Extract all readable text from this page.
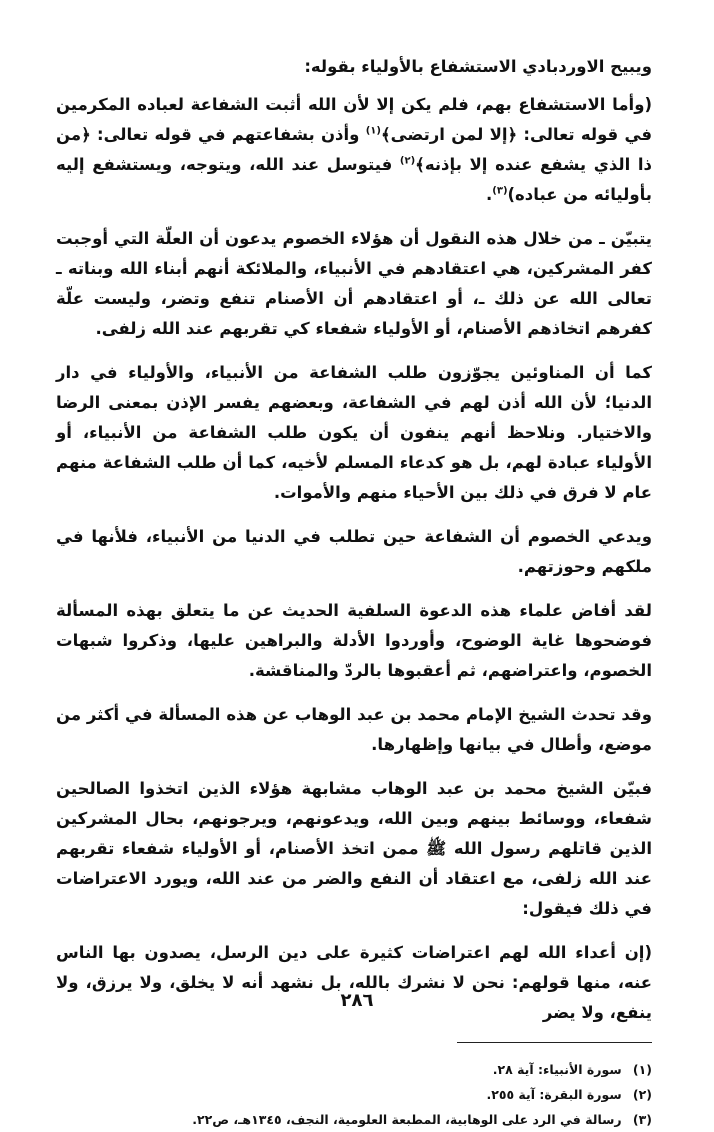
ويبيح الاوردبادي الاستشفاع بالأولياء بقوله:

(وأما الاستشفاع بهم، فلم يكن إلا لأن الله أثبت الشفاعة لعباده المكرمين في قوله تعالى: ﴿إلا لمن ارتضى﴾$^{(١)}$ وأذن بشفاعتهم في قوله تعالى: ﴿من ذا الذي يشفع عنده إلا بإذنه﴾$^{(٢)}$ فيتوسل عند الله، ويتوجه، ويستشفع إليه بأوليائه من عباده)$^{(٣)}$.

يتبيّن ـ من خلال هذه النقول أن هؤلاء الخصوم يدعون أن العلّة التي أوجبت كفر المشركين، هي اعتقادهم في الأنبياء، والملائكة أنهم أبناء الله وبناته ـ تعالى الله عن ذلك ـ، أو اعتقادهم أن الأصنام تنفع وتضر، وليست علّة كفرهم اتخاذهم الأصنام، أو الأولياء شفعاء كي تقربهم عند الله زلفى.

كما أن المناوئين يجوّزون طلب الشفاعة من الأنبياء، والأولياء في دار الدنيا؛ لأن الله أذن لهم في الشفاعة، وبعضهم يفسر الإذن بمعنى الرضا والاختيار. ونلاحظ أنهم ينفون أن يكون طلب الشفاعة من الأنبياء، أو الأولياء عبادة لهم، بل هو كدعاء المسلم لأخيه، كما أن طلب الشفاعة منهم عام لا فرق في ذلك بين الأحياء منهم والأموات.

ويدعي الخصوم أن الشفاعة حين تطلب في الدنيا من الأنبياء، فلأنها في ملكهم وحوزتهم.

لقد أفاض علماء هذه الدعوة السلفية الحديث عن ما يتعلق بهذه المسألة فوضحوها غاية الوضوح، وأوردوا الأدلة والبراهين عليها، وذكروا شبهات الخصوم، واعتراضهم، ثم أعقبوها بالردّ والمناقشة.

وقد تحدث الشيخ الإمام محمد بن عبد الوهاب عن هذه المسألة في أكثر من موضع، وأطال في بيانها وإظهارها.

فبيّن الشيخ محمد بن عبد الوهاب مشابهة هؤلاء الذين اتخذوا الصالحين شفعاء، ووسائط بينهم وبين الله، ويدعونهم، ويرجونهم، بحال المشركين الذين قاتلهم رسول الله ﷺ ممن اتخذ الأصنام، أو الأولياء شفعاء تقربهم عند الله زلفى، مع اعتقاد أن النفع والضر من عند الله، ويورد الاعتراضات في ذلك فيقول:

(إن أعداء الله لهم اعتراضات كثيرة على دين الرسل، يصدون بها الناس عنه، منها قولهم: نحن لا نشرك بالله، بل نشهد أنه لا يخلق، ولا يرزق، ولا ينفع، ولا يضر

(١) سورة الأنبياء: آية ٢٨.
(٢) سورة البقرة: آية ٢٥٥.
(٣) رسالة في الرد على الوهابية، المطبعة العلومية، النجف، ١٣٤٥هـ، ص٢٢.
٢٨٦
